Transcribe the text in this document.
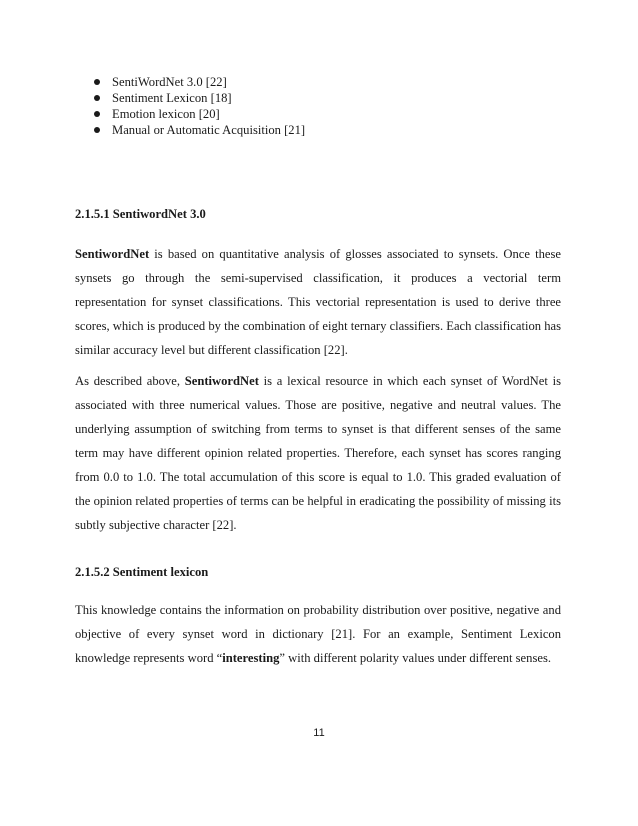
SentiWordNet 3.0 [22]
Sentiment Lexicon [18]
Emotion lexicon [20]
Manual or Automatic Acquisition [21]
2.1.5.1 SentiwordNet 3.0

SentiwordNet is based on quantitative analysis of glosses associated to synsets. Once these synsets go through the semi-supervised classification, it produces a vectorial term representation for synset classifications. This vectorial representation is used to derive three scores, which is produced by the combination of eight ternary classifiers. Each classification has similar accuracy level but different classification [22].

As described above, SentiwordNet is a lexical resource in which each synset of WordNet is associated with three numerical values. Those are positive, negative and neutral values. The underlying assumption of switching from terms to synset is that different senses of the same term may have different opinion related properties. Therefore, each synset has scores ranging from 0.0 to 1.0. The total accumulation of this score is equal to 1.0. This graded evaluation of the opinion related properties of terms can be helpful in eradicating the possibility of missing its subtly subjective character [22].

2.1.5.2 Sentiment lexicon

This knowledge contains the information on probability distribution over positive, negative and objective of every synset word in dictionary [21]. For an example, Sentiment Lexicon knowledge represents word “interesting” with different polarity values under different senses.

11
